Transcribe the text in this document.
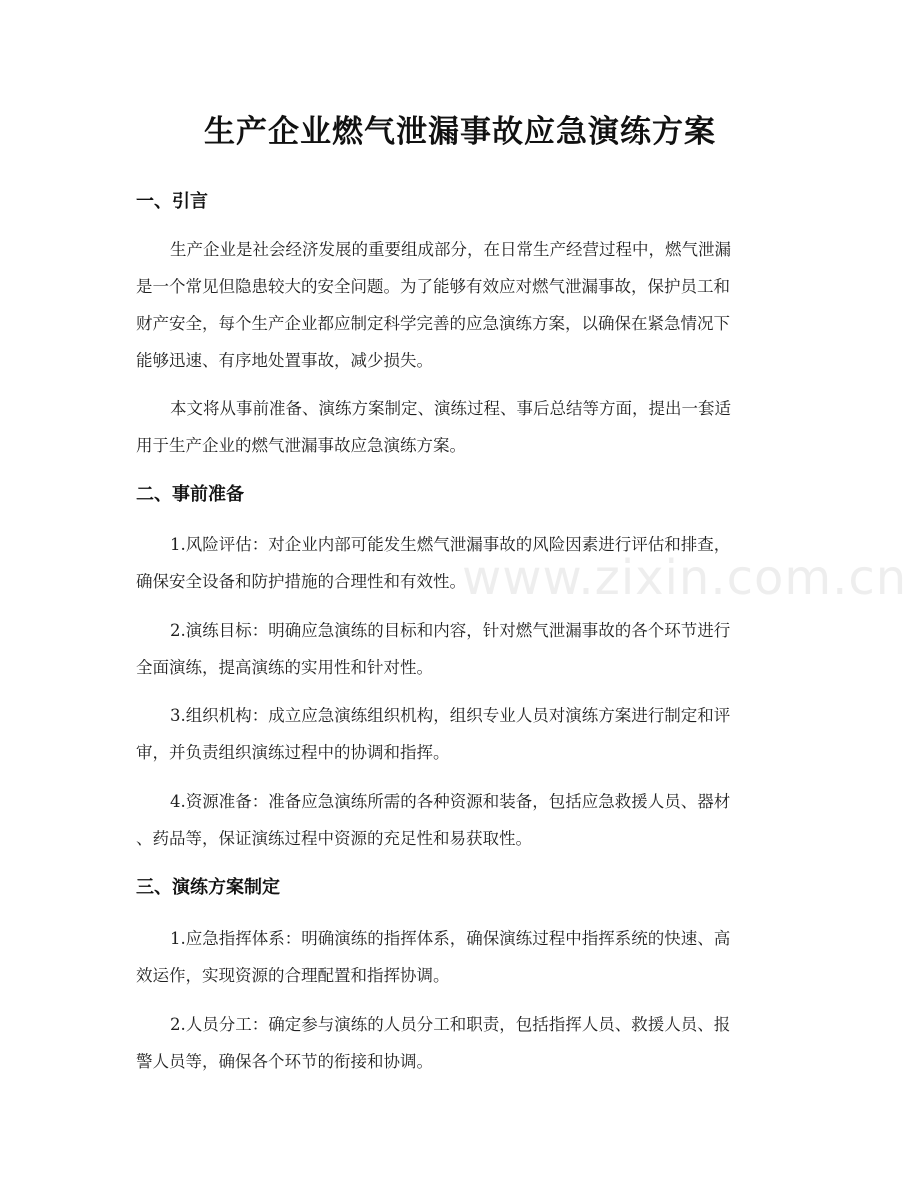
生产企业燃气泄漏事故应急演练方案
一、引言

生产企业是社会经济发展的重要组成部分，在日常生产经营过程中，燃气泄漏
是一个常见但隐患较大的安全问题。为了能够有效应对燃气泄漏事故，保护员工和
财产安全，每个生产企业都应制定科学完善的应急演练方案，以确保在紧急情况下
能够迅速、有序地处置事故，减少损失。

本文将从事前准备、演练方案制定、演练过程、事后总结等方面，提出一套适
用于生产企业的燃气泄漏事故应急演练方案。

二、事前准备

1.风险评估：对企业内部可能发生燃气泄漏事故的风险因素进行评估和排查，
确保安全设备和防护措施的合理性和有效性。

2.演练目标：明确应急演练的目标和内容，针对燃气泄漏事故的各个环节进行
全面演练，提高演练的实用性和针对性。

3.组织机构：成立应急演练组织机构，组织专业人员对演练方案进行制定和评
审，并负责组织演练过程中的协调和指挥。

4.资源准备：准备应急演练所需的各种资源和装备，包括应急救援人员、器材
、药品等，保证演练过程中资源的充足性和易获取性。

三、演练方案制定

1.应急指挥体系：明确演练的指挥体系，确保演练过程中指挥系统的快速、高
效运作，实现资源的合理配置和指挥协调。

2.人员分工：确定参与演练的人员分工和职责，包括指挥人员、救援人员、报
警人员等，确保各个环节的衔接和协调。

www.zixin.com.cn
